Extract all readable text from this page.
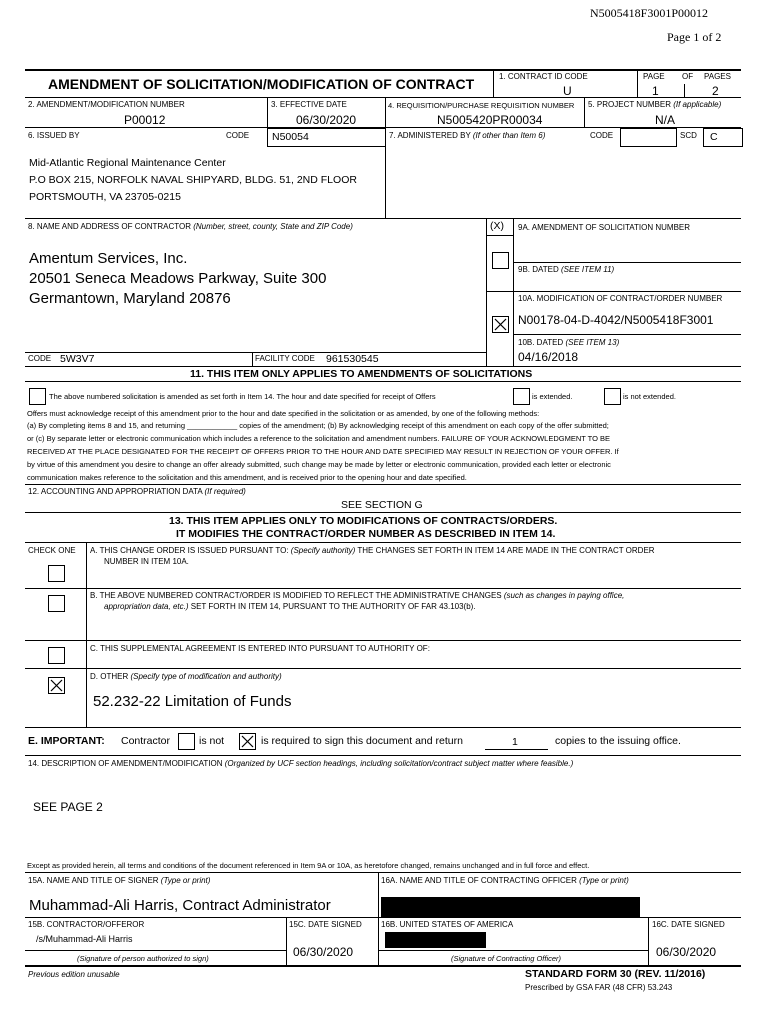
N5005418F3001P00012
Page 1 of 2
AMENDMENT OF SOLICITATION/MODIFICATION OF CONTRACT	1. CONTRACT ID CODE
U
PAGE OF PAGES
1	2
2. AMENDMENT/MODIFICATION NUMBER
P00012
3. EFFECTIVE DATE
06/30/2020
4. REQUISITION/PURCHASE REQUISITION NUMBER
N5005420PR00034
5. PROJECT NUMBER (If applicable)
N/A
6. ISSUED BY	CODE N50054	7. ADMINISTERED BY (If other than Item 6)	CODE	SCD C
Mid-Atlantic Regional Maintenance Center
P.O BOX 215, NORFOLK NAVAL SHIPYARD, BLDG. 51, 2ND FLOOR
PORTSMOUTH, VA 23705-0215
8. NAME AND ADDRESS OF CONTRACTOR (Number, street, county, State and ZIP Code)
Amentum Services, Inc.
20501 Seneca Meadows Parkway, Suite 300
Germantown, Maryland 20876
(X) 9A. AMENDMENT OF SOLICITATION NUMBER
9B. DATED (SEE ITEM 11)
10A. MODIFICATION OF CONTRACT/ORDER NUMBER
N00178-04-D-4042/N5005418F3001
10B. DATED (SEE ITEM 13)
04/16/2018
CODE 5W3V7	FACILITY CODE 961530545
11. THIS ITEM ONLY APPLIES TO AMENDMENTS OF SOLICITATIONS
The above numbered solicitation is amended as set forth in Item 14. The hour and date specified for receipt of Offers	is extended.	is not extended.
Offers must acknowledge receipt of this amendment prior to the hour and date specified in the solicitation or as amended, by one of the following methods:
(a) By completing items 8 and 15, and returning ____________ copies of the amendment; (b) By acknowledging receipt of this amendment on each copy of the offer submitted;
or (c) By separate letter or electronic communication which includes a reference to the solicitation and amendment numbers. FAILURE OF YOUR ACKNOWLEDGMENT TO BE
RECEIVED AT THE PLACE DESIGNATED FOR THE RECEIPT OF OFFERS PRIOR TO THE HOUR AND DATE SPECIFIED MAY RESULT IN REJECTION OF YOUR OFFER. If
by virtue of this amendment you desire to change an offer already submitted, such change may be made by letter or electronic communication, provided each letter or electronic
communication makes reference to the solicitation and this amendment, and is received prior to the opening hour and date specified.
12. ACCOUNTING AND APPROPRIATION DATA (If required)
SEE SECTION G
13. THIS ITEM APPLIES ONLY TO MODIFICATIONS OF CONTRACTS/ORDERS.
IT MODIFIES THE CONTRACT/ORDER NUMBER AS DESCRIBED IN ITEM 14.
CHECK ONE A. THIS CHANGE ORDER IS ISSUED PURSUANT TO: (Specify authority) THE CHANGES SET FORTH IN ITEM 14 ARE MADE IN THE CONTRACT ORDER
NUMBER IN ITEM 10A.
B. THE ABOVE NUMBERED CONTRACT/ORDER IS MODIFIED TO REFLECT THE ADMINISTRATIVE CHANGES (such as changes in paying office,
appropriation data, etc.) SET FORTH IN ITEM 14, PURSUANT TO THE AUTHORITY OF FAR 43.103(b).
C. THIS SUPPLEMENTAL AGREEMENT IS ENTERED INTO PURSUANT TO AUTHORITY OF:
D. OTHER (Specify type of modification and authority)
52.232-22 Limitation of Funds
E. IMPORTANT: Contractor	is not	is required to sign this document and return	1	copies to the issuing office.
14. DESCRIPTION OF AMENDMENT/MODIFICATION (Organized by UCF section headings, including solicitation/contract subject matter where feasible.)
SEE PAGE 2
Except as provided herein, all terms and conditions of the document referenced in Item 9A or 10A, as heretofore changed, remains unchanged and in full force and effect.
15A. NAME AND TITLE OF SIGNER (Type or print)
Muhammad-Ali Harris, Contract Administrator
16A. NAME AND TITLE OF CONTRACTING OFFICER (Type or print)
15B. CONTRACTOR/OFFEROR
/s/Muhammad-Ali Harris
(Signature of person authorized to sign)
15C. DATE SIGNED
06/30/2020
16B. UNITED STATES OF AMERICA
(Signature of Contracting Officer)
16C. DATE SIGNED
06/30/2020
Previous edition unusable	STANDARD FORM 30 (REV. 11/2016)
Prescribed by GSA FAR (48 CFR) 53.243
